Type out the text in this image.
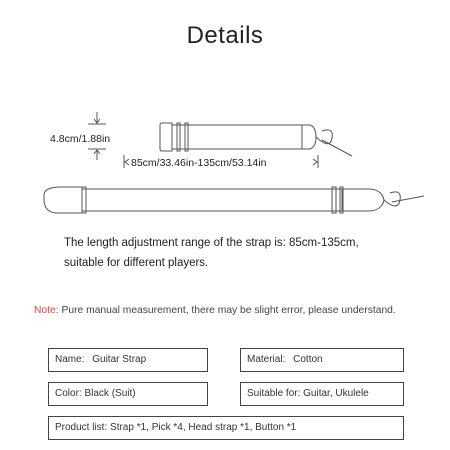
Details
4.8cm/1.88in
85cm/33.46in-135cm/53.14in
The length adjustment range of the strap is: 85cm-135cm,
suitable for different players.
Note: Pure manual measurement, there may be slight error, please understand.
Name: Guitar Strap	Material: Cotton
Color: Black (Suit)	Suitable for: Guitar, Ukulele
Product list: Strap *1, Pick *4, Head strap *1, Button *1
